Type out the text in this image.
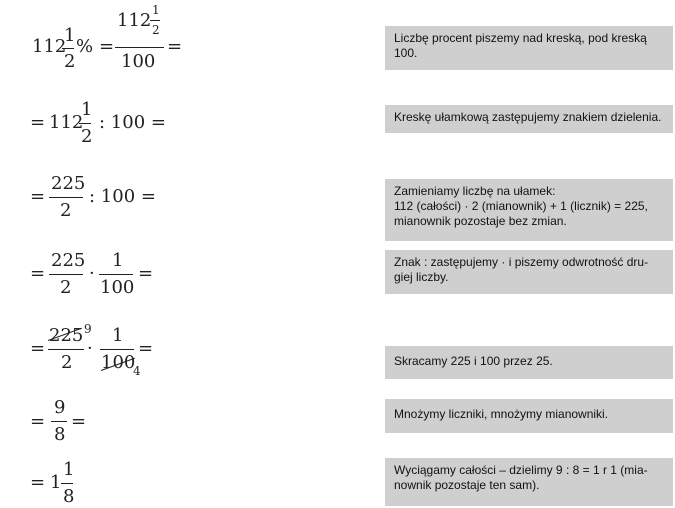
112
1
2
% =
112 1
2
100
=	Liczbę procent piszemy nad kreską, pod kreską
100.
= 112
1
2
: 100 =	Kreskę ułamkową zastępujemy znakiem dzielenia.
=
225
2
: 100 =	Zamieniamy liczbę na ułamek:
112 (całości) · 2 (mianownik) + 1 (licznik) = 225,
mianownik pozostaje bez zmian.
=
225
2
·
1
100
=
Znak : zastępujemy · i piszemy odwrotność dru-
giej liczby.
=
225 9
2
·
1
100
4
=
Skracamy 225 i 100 przez 25.
=
9
8
=	Mnożymy liczniki, mnożymy mianowniki.
= 1
1
8
Wyciągamy całości – dzielimy 9 : 8 = 1 r 1 (mia-
nownik pozostaje ten sam).
